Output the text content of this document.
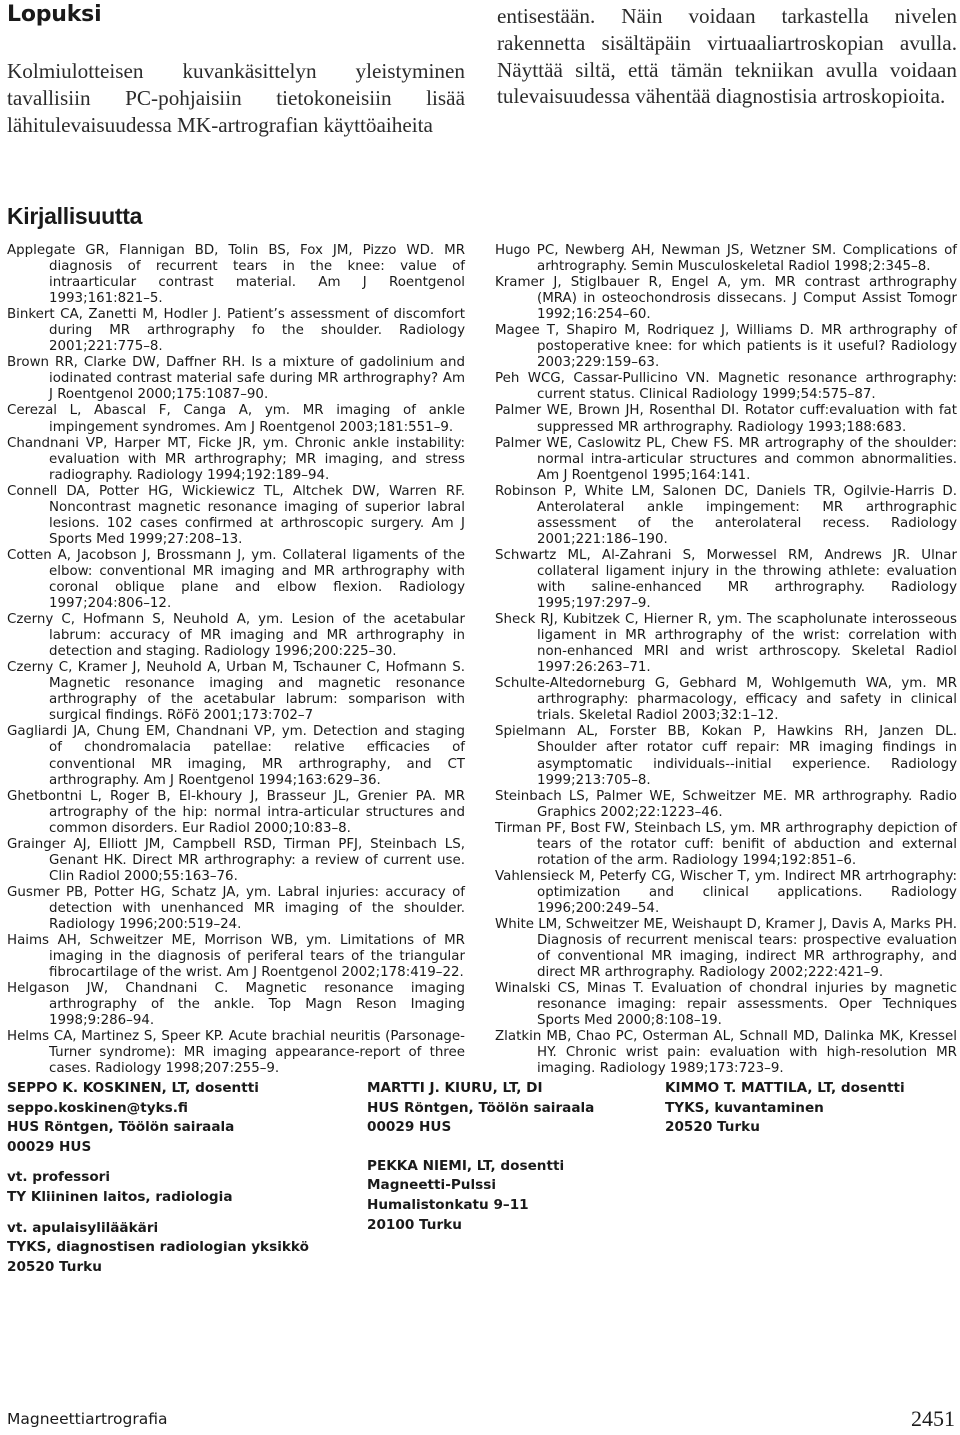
Lopuksi
Kolmiulotteisen kuvankäsittelyn yleistyminen tavallisiin PC-pohjaisiin tietokoneisiin lisää lähitulevaisuudessa MK-artrografian käyttöaiheita
entisestään. Näin voidaan tarkastella nivelen rakennetta sisältäpäin virtuaaliartroskopian avulla. Näyttää siltä, että tämän tekniikan avulla voidaan tulevaisuudessa vähentää diagnostisia artroskopioita.
Kirjallisuutta
Applegate GR, Flannigan BD, Tolin BS, Fox JM, Pizzo WD. MR diagnosis of recurrent tears in the knee: value of intraarticular contrast material. Am J Roentgenol 1993;161:821–5.
Binkert CA, Zanetti M, Hodler J. Patient’s assessment of discomfort during MR arthrography fo the shoulder. Radiology 2001;221:775–8.
Brown RR, Clarke DW, Daffner RH. Is a mixture of gadolinium and iodinated contrast material safe during MR arthrography? Am J Roentgenol 2000;175:1087–90.
Cerezal L, Abascal F, Canga A, ym. MR imaging of ankle impingement syndromes. Am J Roentgenol 2003;181:551–9.
Chandnani VP, Harper MT, Ficke JR, ym. Chronic ankle instability: evaluation with MR arthrography; MR imaging, and stress radiography. Radiology 1994;192:189–94.
Connell DA, Potter HG, Wickiewicz TL, Altchek DW, Warren RF. Noncontrast magnetic resonance imaging of superior labral lesions. 102 cases confirmed at arthroscopic surgery. Am J Sports Med 1999;27:208–13.
Cotten A, Jacobson J, Brossmann J, ym. Collateral ligaments of the elbow: conventional MR imaging and MR arthrography with coronal oblique plane and elbow flexion. Radiology 1997;204:806–12.
Czerny C, Hofmann S, Neuhold A, ym. Lesion of the acetabular labrum: accuracy of MR imaging and MR arthrography in detection and staging. Radiology 1996;200:225–30.
Czerny C, Kramer J, Neuhold A, Urban M, Tschauner C, Hofmann S. Magnetic resonance imaging and magnetic resonance arthrography of the acetabular labrum: somparison with surgical findings. RöFö 2001;173:702–7
Gagliardi JA, Chung EM, Chandnani VP, ym. Detection and staging of chondromalacia patellae: relative efficacies of conventional MR imaging, MR arthrography, and CT arthrography. Am J Roentgenol 1994;163:629–36.
Ghetbontni L, Roger B, El-khoury J, Brasseur JL, Grenier PA. MR artrography of the hip: normal intra-articular structures and common disorders. Eur Radiol 2000;10:83–8.
Grainger AJ, Elliott JM, Campbell RSD, Tirman PFJ, Steinbach LS, Genant HK. Direct MR arthrography: a review of current use. Clin Radiol 2000;55:163–76.
Gusmer PB, Potter HG, Schatz JA, ym. Labral injuries: accuracy of detection with unenhanced MR imaging of the shoulder. Radiology 1996;200:519–24.
Haims AH, Schweitzer ME, Morrison WB, ym. Limitations of MR imaging in the diagnosis of periferal tears of the triangular fibrocartilage of the wrist. Am J Roentgenol 2002;178:419–22.
Helgason JW, Chandnani C. Magnetic resonance imaging arthrography of the ankle. Top Magn Reson Imaging 1998;9:286–94.
Helms CA, Martinez S, Speer KP. Acute brachial neuritis (Parsonage-Turner syndrome): MR imaging appearance-report of three cases. Radiology 1998;207:255–9.
Hugo PC, Newberg AH, Newman JS, Wetzner SM. Complications of arhtrography. Semin Musculoskeletal Radiol 1998;2:345–8.
Kramer J, Stiglbauer R, Engel A, ym. MR contrast arthrography (MRA) in osteochondrosis dissecans. J Comput Assist Tomogr 1992;16:254–60.
Magee T, Shapiro M, Rodriquez J, Williams D. MR arthrography of postoperative knee: for which patients is it useful? Radiology 2003;229:159–63.
Peh WCG, Cassar-Pullicino VN. Magnetic resonance arthrography: current status. Clinical Radiology 1999;54:575–87.
Palmer WE, Brown JH, Rosenthal DI. Rotator cuff:evaluation with fat suppressed MR arthrography. Radiology 1993;188:683.
Palmer WE, Caslowitz PL, Chew FS. MR artrography of the shoulder: normal intra-articular structures and common abnormalities. Am J Roentgenol 1995;164:141.
Robinson P, White LM, Salonen DC, Daniels TR, Ogilvie-Harris D. Anterolateral ankle impingement: MR arthrographic assessment of the anterolateral recess. Radiology 2001;221:186–190.
Schwartz ML, Al-Zahrani S, Morwessel RM, Andrews JR. Ulnar collateral ligament injury in the throwing athlete: evaluation with saline-enhanced MR arthrography. Radiology 1995;197:297–9.
Sheck RJ, Kubitzek C, Hierner R, ym. The scapholunate interosseous ligament in MR arthrography of the wrist: correlation with non-enhanced MRI and wrist arthroscopy. Skeletal Radiol 1997:26:263–71.
Schulte-Altedorneburg G, Gebhard M, Wohlgemuth WA, ym. MR arthrography: pharmacology, efficacy and safety in clinical trials. Skeletal Radiol 2003;32:1–12.
Spielmann AL, Forster BB, Kokan P, Hawkins RH, Janzen DL. Shoulder after rotator cuff repair: MR imaging findings in asymptomatic individuals--initial experience. Radiology 1999;213:705–8.
Steinbach LS, Palmer WE, Schweitzer ME. MR arthrography. Radio Graphics 2002;22:1223–46.
Tirman PF, Bost FW, Steinbach LS, ym. MR arthrography depiction of tears of the rotator cuff: benifit of abduction and external rotation of the arm. Radiology 1994;192:851–6.
Vahlensieck M, Peterfy CG, Wischer T, ym. Indirect MR artrhography: optimization and clinical applications. Radiology 1996;200:249–54.
White LM, Schweitzer ME, Weishaupt D, Kramer J, Davis A, Marks PH. Diagnosis of recurrent meniscal tears: prospective evaluation of conventional MR imaging, indirect MR arthrography, and direct MR arthrography. Radiology 2002;222:421–9.
Winalski CS, Minas T. Evaluation of chondral injuries by magnetic resonance imaging: repair assessments. Oper Techniques Sports Med 2000;8:108–19.
Zlatkin MB, Chao PC, Osterman AL, Schnall MD, Dalinka MK, Kressel HY. Chronic wrist pain: evaluation with high-resolution MR imaging. Radiology 1989;173:723–9.

SEPPO K. KOSKINEN, LT, dosentti

seppo.koskinen@tyks.fi

HUS Röntgen, Töölön sairaala

00029 HUS

vt. professori

TY Kliininen laitos, radiologia

vt. apulaisylilääkäri

TYKS, diagnostisen radiologian yksikkö

20520 Turku

MARTTI J. KIURU, LT, DI

HUS Röntgen, Töölön sairaala

00029 HUS

PEKKA NIEMI, LT, dosentti

Magneetti-Pulssi

Humalistonkatu 9–11

20100 Turku

KIMMO T. MATTILA, LT, dosentti

TYKS, kuvantaminen

20520 Turku

Magneettiartrografia	2451
